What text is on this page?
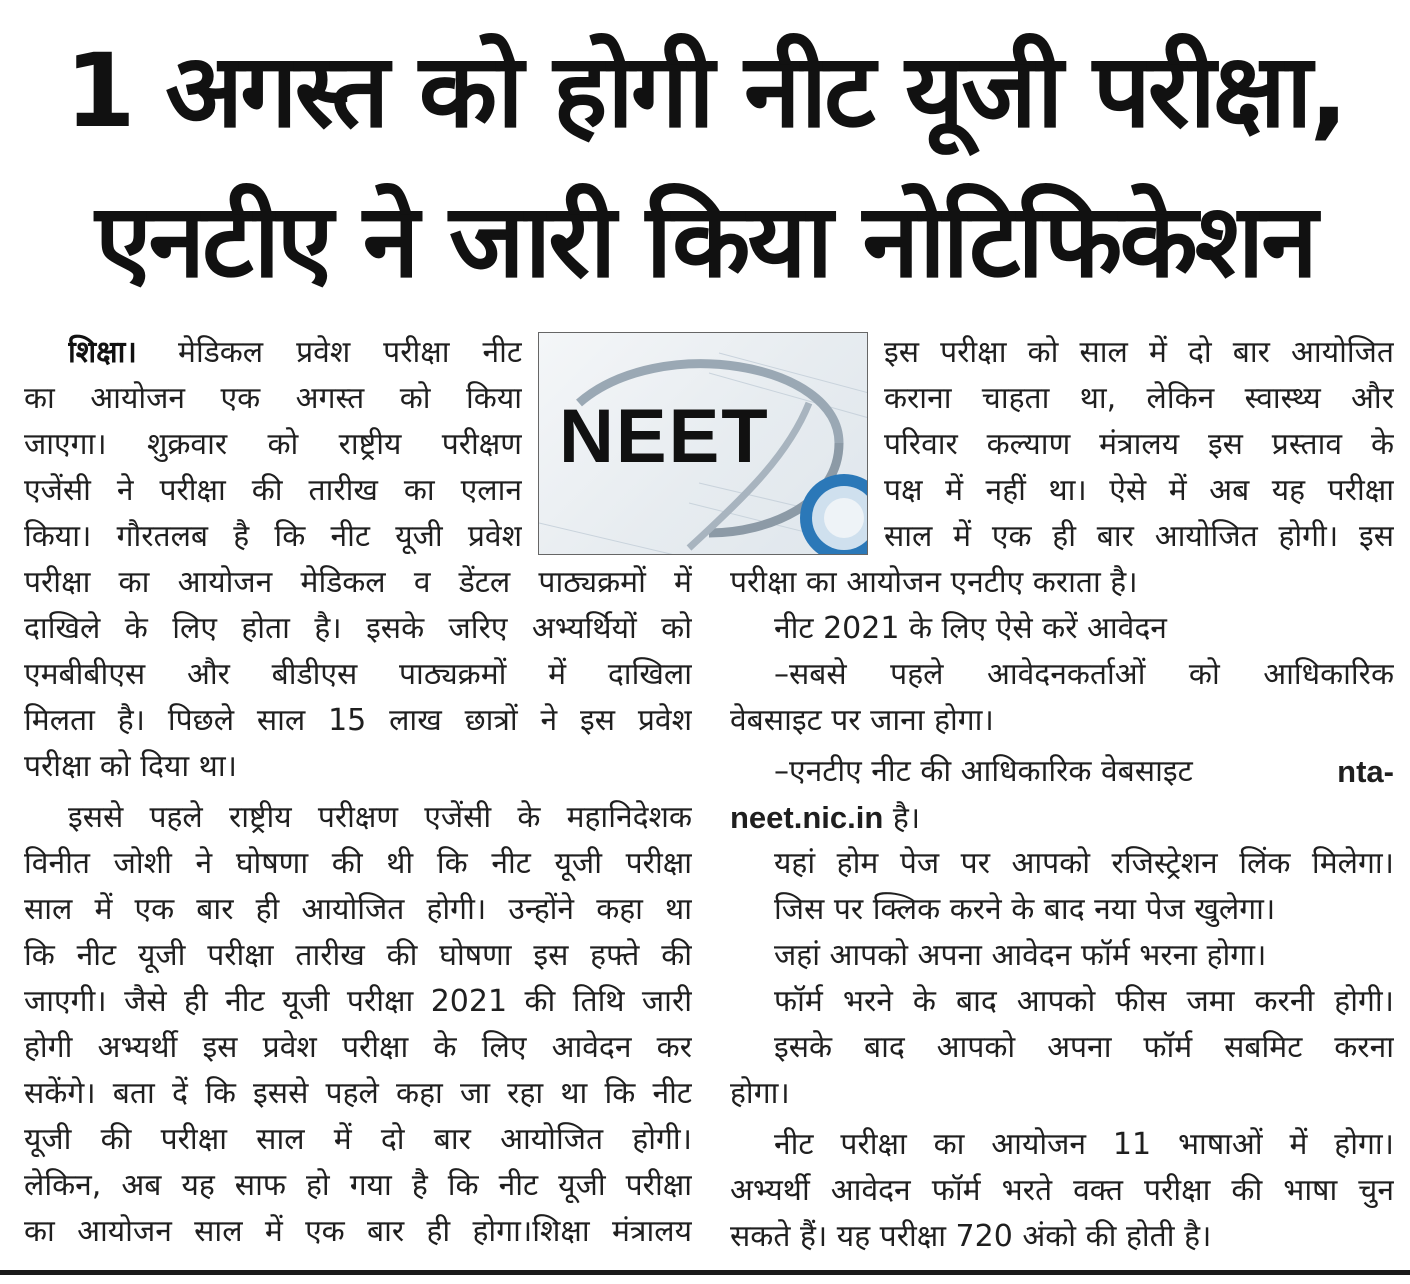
1 अगस्त को होगी नीट यूजी परीक्षा,
एनटीए ने जारी किया नोटिफिकेशन
NEET
शिक्षा।	मेडिकल प्रवेश परीक्षा नीट
का आयोजन एक अगस्त को किया
जाएगा। शुक्रवार को राष्ट्रीय परीक्षण
एजेंसी ने परीक्षा की तारीख का एलान
किया। गौरतलब है कि नीट यूजी प्रवेश
परीक्षा का आयोजन मेडिकल व डेंटल पाठ्यक्रमों में
दाखिले के लिए होता है। इसके जरिए अभ्यर्थियों को
एमबीबीएस और बीडीएस पाठ्यक्रमों में दाखिला
मिलता है। पिछले साल 15 लाख छात्रों ने इस प्रवेश
परीक्षा को दिया था।
इससे पहले राष्ट्रीय परीक्षण एजेंसी के महानिदेशक
विनीत जोशी ने घोषणा की थी कि नीट यूजी परीक्षा
साल में एक बार ही आयोजित होगी। उन्होंने कहा था
कि नीट यूजी परीक्षा तारीख की घोषणा इस हफ्ते की
जाएगी। जैसे ही नीट यूजी परीक्षा 2021 की तिथि जारी
होगी अभ्यर्थी इस प्रवेश परीक्षा के लिए आवेदन कर
सकेंगे। बता दें कि इससे पहले कहा जा रहा था कि नीट
यूजी की परीक्षा साल में दो बार आयोजित होगी।
लेकिन, अब यह साफ हो गया है कि नीट यूजी परीक्षा
का आयोजन साल में एक बार ही होगा।शिक्षा मंत्रालय
इस परीक्षा को साल में दो बार आयोजित
कराना चाहता था, लेकिन स्वास्थ्य और
परिवार कल्याण मंत्रालय इस प्रस्ताव के
पक्ष में नहीं था। ऐसे में अब यह परीक्षा
साल में एक ही बार आयोजित होगी। इस
परीक्षा का आयोजन एनटीए कराता है।
नीट 2021 के लिए ऐसे करें आवेदन
–सबसे पहले आवेदनकर्ताओं को आधिकारिक
वेबसाइट पर जाना होगा।
–एनटीए नीट की आधिकारिक वेबसाइट	nta-
neet.nic.in है।
यहां होम पेज पर आपको रजिस्ट्रेशन लिंक मिलेगा।
जिस पर क्लिक करने के बाद नया पेज खुलेगा।
जहां आपको अपना आवेदन फॉर्म भरना होगा।
फॉर्म भरने के बाद आपको फीस जमा करनी होगी।
इसके बाद आपको अपना फॉर्म सबमिट करना
होगा।
नीट परीक्षा का आयोजन 11 भाषाओं में होगा।
अभ्यर्थी आवेदन फॉर्म भरते वक्त परीक्षा की भाषा चुन
सकते हैं। यह परीक्षा 720 अंको की होती है।
